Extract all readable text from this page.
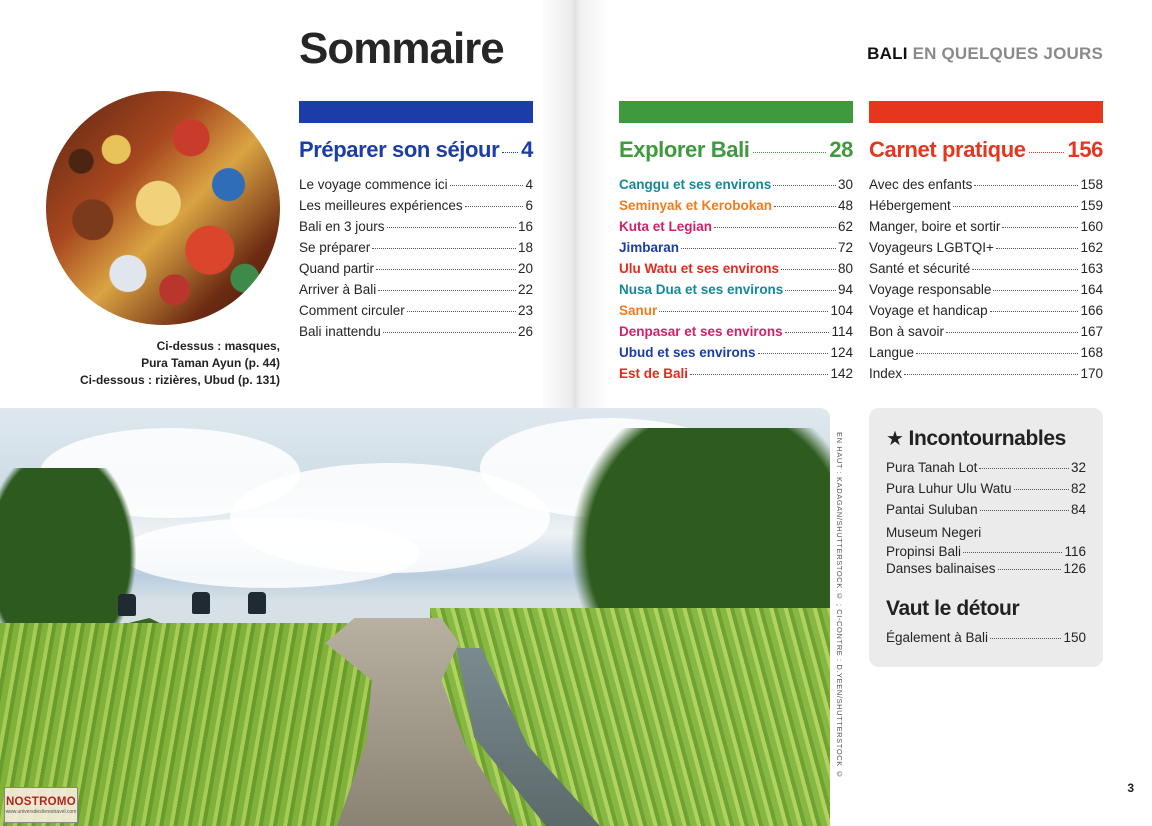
Sommaire	BALI EN QUELQUES JOURS
Ci-dessus : masques,
Pura Taman Ayun (p. 44)
Ci-dessous : rizières, Ubud (p. 131)
Préparer son séjour 4
Le voyage commence ici	4
Les meilleures expériences	6
Bali en 3 jours	16
Se préparer	18
Quand partir	20
Arriver à Bali	22
Comment circuler	23
Bali inattendu	26
Explorer Bali	28
Canggu et ses environs	30
Seminyak et Kerobokan	48
Kuta et Legian	62
Jimbaran	72
Ulu Watu et ses environs	80
Nusa Dua et ses environs	94
Sanur	104
Denpasar et ses environs	114
Ubud et ses environs	124
Est de Bali	142
Carnet pratique 156
Avec des enfants	158
Hébergement	159
Manger, boire et sortir	160
Voyageurs LGBTQI+	162
Santé et sécurité	163
Voyage responsable	164
Voyage et handicap	166
Bon à savoir	167
Langue	168
Index	170
EN HAUT : KADAGAN/SHUTTERSTOCK © ; CI-CONTRE : D.YEEN/SHUTTERSTOCK © ★ Incontournables
Pura Tanah Lot	32
Pura Luhur Ulu Watu	82
Pantai Suluban	84
Museum Negeri
Propinsi Bali	116
Danses balinaises	126
Vaut le détour
Également à Bali	150
3
NOSTROMO
www.universdeslivrestravel.com
